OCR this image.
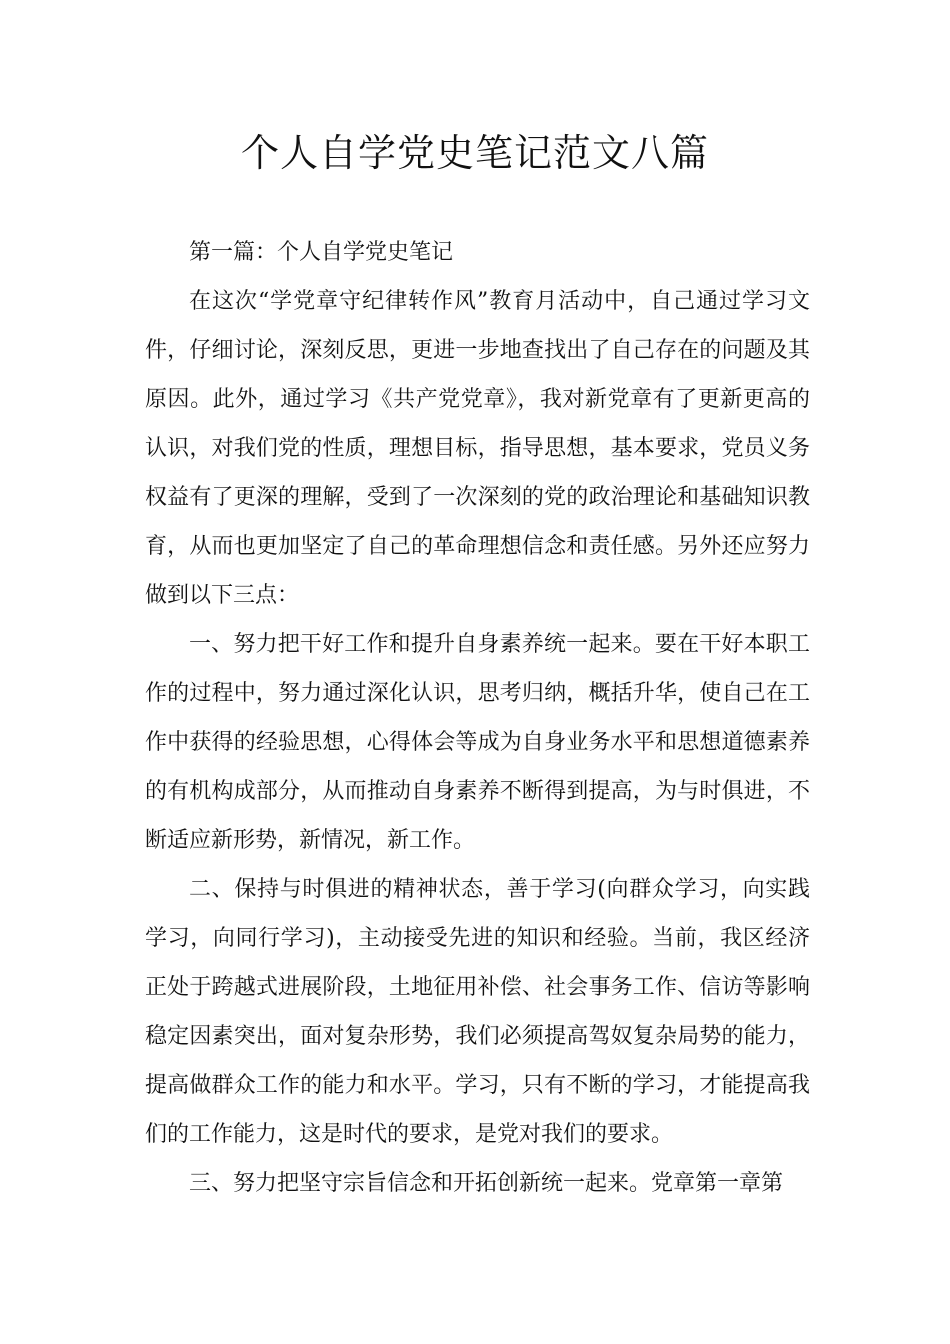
个人自学党史笔记范文八篇

第一篇：个人自学党史笔记

在这次“学党章守纪律转作风”教育月活动中，自己通过学习文件，仔细讨论，深刻反思，更进一步地查找出了自己存在的问题及其原因。此外，通过学习《共产党党章》，我对新党章有了更新更高的认识，对我们党的性质，理想目标，指导思想，基本要求，党员义务权益有了更深的理解，受到了一次深刻的党的政治理论和基础知识教育，从而也更加坚定了自己的革命理想信念和责任感。另外还应努力做到以下三点：

一、努力把干好工作和提升自身素养统一起来。要在干好本职工作的过程中，努力通过深化认识，思考归纳，概括升华，使自己在工作中获得的经验思想，心得体会等成为自身业务水平和思想道德素养的有机构成部分，从而推动自身素养不断得到提高，为与时俱进，不断适应新形势，新情况，新工作。

二、保持与时俱进的精神状态，善于学习(向群众学习，向实践学习，向同行学习)，主动接受先进的知识和经验。当前，我区经济正处于跨越式进展阶段，土地征用补偿、社会事务工作、信访等影响稳定因素突出，面对复杂形势，我们必须提高驾奴复杂局势的能力，提高做群众工作的能力和水平。学习，只有不断的学习，才能提高我们的工作能力，这是时代的要求，是党对我们的要求。

三、努力把坚守宗旨信念和开拓创新统一起来。党章第一章第
